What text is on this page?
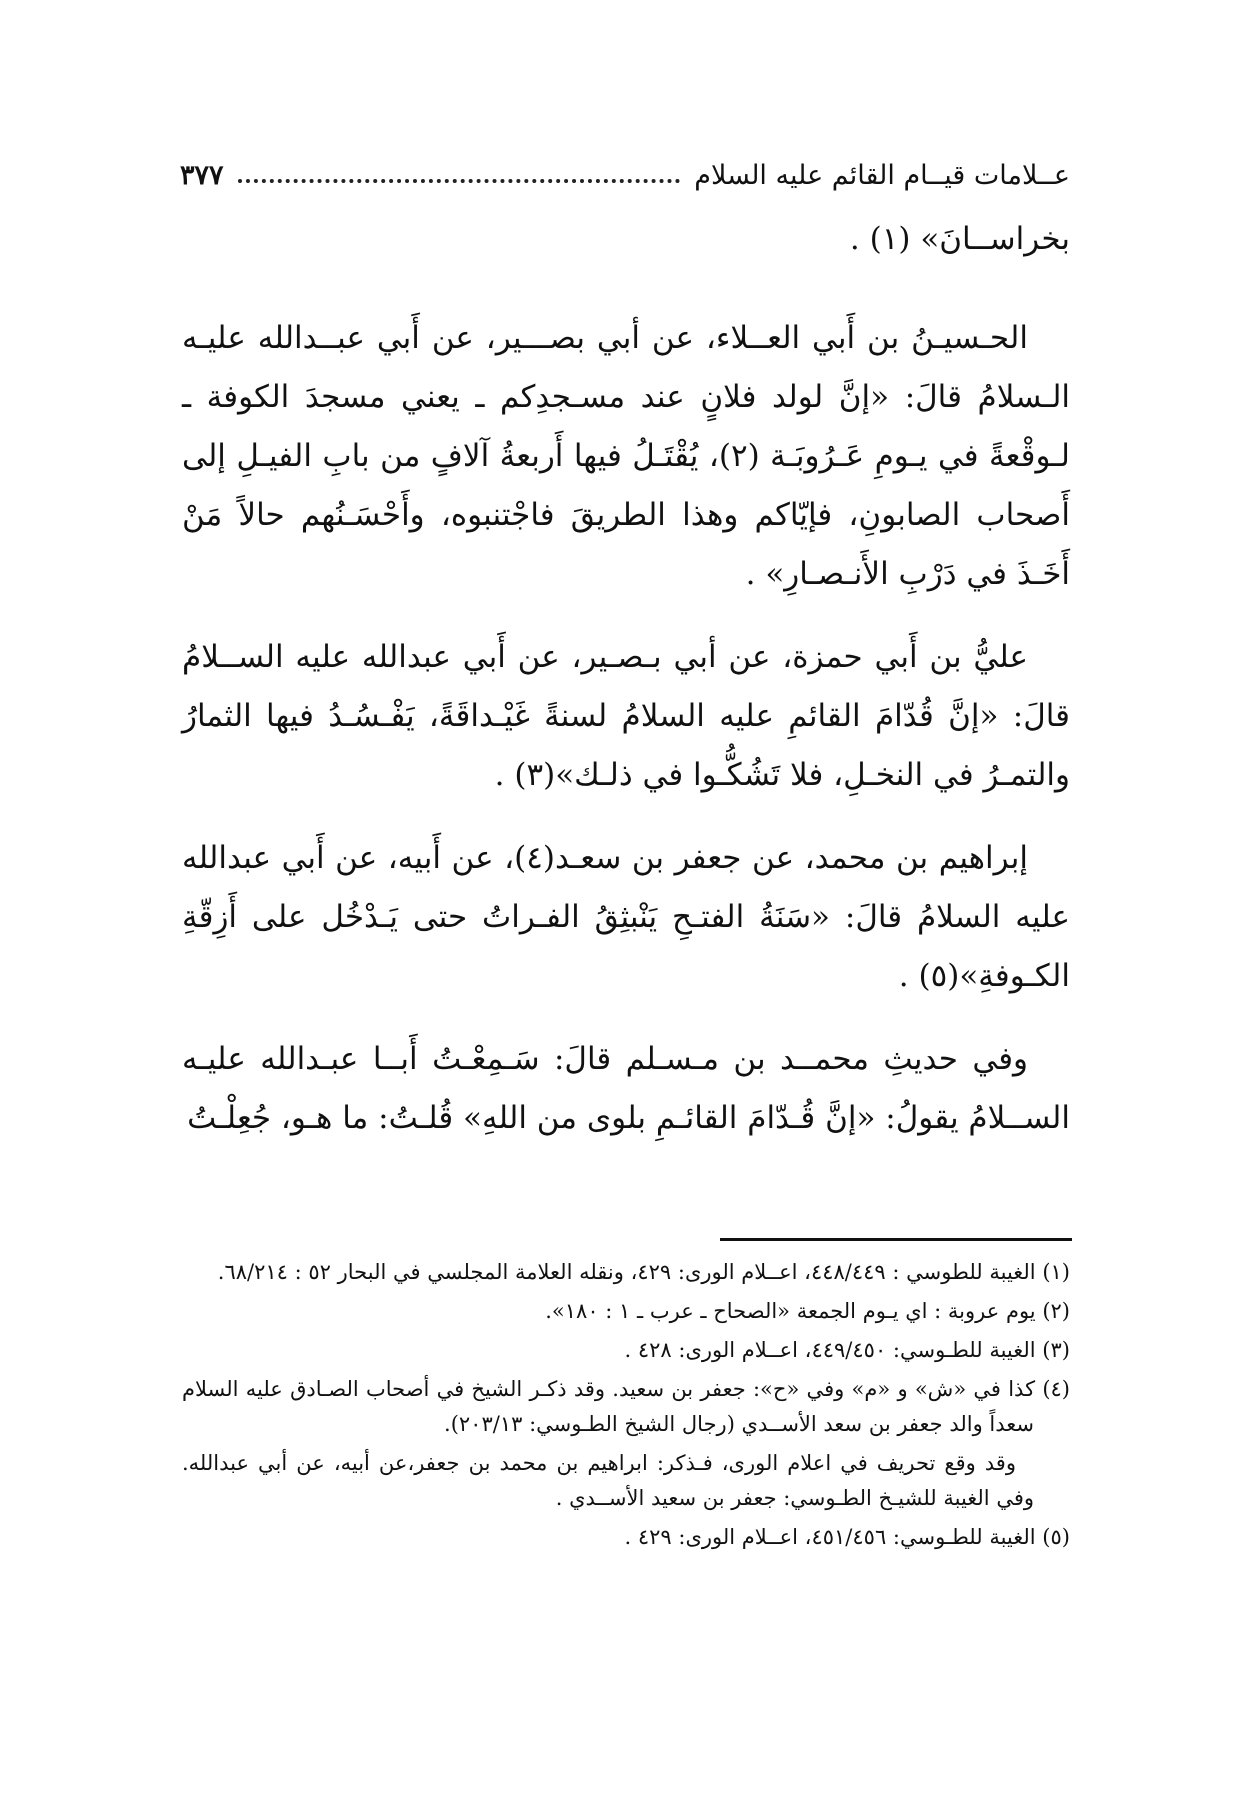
عــلامات قيــام القائم عليه السلام
٣٧٧

بخراســانَ» (١) .

الحـسيـنُ بن أَبي العــلاء، عن أبي بصـــير، عن أَبي عبــدالله عليـه الـسلامُ قالَ: «إنَّ لولد فلانٍ عند مسـجدِكم ـ يعني مسجدَ الكوفة ـ لـوقْعةً في يـومِ عَـرُوبَـة (٢)، يُقْتَـلُ فيها أَربعةُ آلافٍ من بابِ الفيـلِ إلى أَصحاب الصابونِ، فإيّاكم وهذا الطريقَ فاجْتنبوه، وأَحْسَـنُهم حالاً مَنْ أَخَـذَ في دَرْبِ الأَنـصـارِ» .

عليُّ بن أَبي حمزة، عن أبي بـصـير، عن أَبي عبدالله عليه الســلامُ قالَ: «إنَّ قُدّامَ القائمِ عليه السلامُ لسنةً غَيْـداقَةً، يَفْـسُـدُ فيها الثمارُ والتمـرُ في النخـلِ، فلا تَشُكُّـوا في ذلـك»(٣) .

إبراهيم بن محمد، عن جعفر بن سعـد(٤)، عن أَبيه، عن أَبي عبدالله عليه السلامُ قالَ: «سَنَةُ الفتـحِ يَنْبثِقُ الفـراتُ حتى يَـدْخُل على أَزِقّةِ الكـوفةِ»(٥) .

وفي حديثِ محمــد بن مـسـلم قالَ: سَـمِعْـتُ أَبــا عبـدالله عليـه الســلامُ يقولُ: «إنَّ قُـدّامَ القائـمِ بلوى من اللهِ» قُلـتُ: ما هـو، جُعِلْـتُ

(١) الغيبة للطوسي : ٤٤٨/٤٤٩، اعــلام الورى: ٤٢٩، ونقله العلامة المجلسي في البحار ٥٢ : ٦٨/٢١٤.

(٢) يوم عروبة : اي يـوم الجمعة «الصحاح ـ عرب ـ ١ : ١٨٠».

(٣) الغيبة للطـوسي: ٤٤٩/٤٥٠، اعــلام الورى: ٤٢٨ .

(٤) كذا في «ش» و «م» وفي «ح»: جعفر بن سعيد. وقد ذكـر الشيخ في أصحاب الصـادق عليه السلام سعداً والد جعفر بن سعد الأســدي (رجال الشيخ الطـوسي: ٢٠٣/١٣).

وقد وقع تحريف في اعلام الورى، فـذكر: ابراهيم بن محمد بن جعفر،عن أبيه، عن أبي عبدالله. وفي الغيبة للشيـخ الطـوسي: جعفر بن سعيد الأســدي .

(٥) الغيبة للطـوسي: ٤٥١/٤٥٦، اعــلام الورى: ٤٢٩ .
